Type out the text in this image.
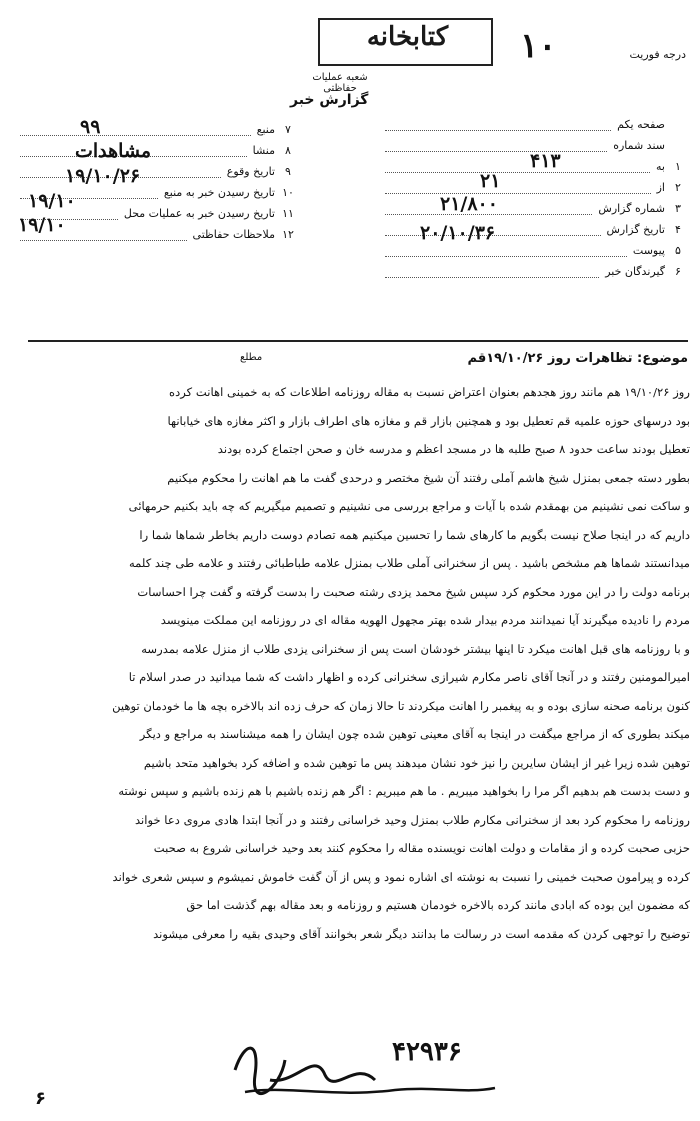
کتابخانه
شعبه عملیات حفاظتی
۱۰	درجه فوریت
گزارش خبر
صفحه یکم
سند شماره
۱
به
۲
از
۳
شماره گزارش
۴
تاریخ گزارش
۵
پیوست
۶
گیرندگان خبر
۷
منبع
۸
منشا
۹
تاریخ وقوع
۱۰
تاریخ رسیدن خبر به منبع
۱۱
تاریخ رسیدن خبر به عملیات محل
۱۲
ملاحظات حفاظتی
۹۹
مشاهدات
۱۹/۱۰/۲۶
۱۹/۱۰
۱۹/۱۰
۴۱۳
۲۱
۲۱/۸۰۰
۲۰/۱۰/۳۶
مطلع	موضوع: تظاهرات روز ۱۹/۱۰/۲۶قم
روز ۱۹/۱۰/۲۶ هم مانند روز هجدهم بعنوان اعتراض نسبت به مقاله روزنامه اطلاعات که به خمینی اهانت کرده
بود درسهای حوزه علمیه قم تعطیل بود و همچنین بازار قم و مغازه های اطراف بازار و اکثر مغازه های خیابانها
تعطیل بودند ساعت حدود ۸ صبح طلبه ها در مسجد اعظم و مدرسه خان و صحن اجتماع کرده بودند
بطور دسته جمعی بمنزل شیخ هاشم آملی رفتند آن شیخ مختصر و درحدی گفت ما هم اهانت را محکوم میکنیم
و ساکت نمی نشینیم من بهمقدم شده با آیات و مراجع بررسی می نشینیم و تصمیم میگیریم که چه باید بکنیم حرمهائی
داریم که در اینجا صلاح نیست بگویم ما کارهای شما را تحسین میکنیم همه تصادم دوست داریم بخاطر شماها شما را
میدانستند شماها هم مشخص باشید . پس از سخنرانی آملی طلاب بمنزل علامه طباطبائی رفتند و علامه طی چند کلمه
برنامه دولت را در این مورد محکوم کرد سپس شیخ محمد یزدی رشته صحبت را بدست گرفته و گفت چرا احساسات
مردم را نادیده میگیرند آیا نمیدانند مردم بیدار شده بهتر مجهول الهویه مقاله ای در روزنامه این مملکت مینویسد
و با روزنامه های قبل اهانت میکرد تا اینها بیشتر خودشان است پس از سخنرانی یزدی طلاب از منزل علامه بمدرسه
امیرالمومنین رفتند و در آنجا آقای ناصر مکارم شیرازی سخنرانی کرده و اظهار داشت که شما میدانید در صدر اسلام تا
کنون برنامه صحنه سازی بوده و به پیغمبر را اهانت میکردند تا حالا زمان که حرف زده اند بالاخره بچه ها ما خودمان توهین
میکند بطوری که از مراجع میگفت در اینجا به آقای معینی توهین شده چون ایشان را همه میشناسند به مراجع و دیگر
توهین شده زیرا غیر از ایشان سایرین را نیز خود نشان میدهند پس ما توهین شده و اضافه کرد بخواهید متحد باشیم
و دست بدست هم بدهیم اگر مرا را بخواهید میبریم . ما هم میبریم : اگر هم زنده باشیم با هم زنده باشیم و سپس نوشته
روزنامه را محکوم کرد بعد از سخنرانی مکارم طلاب بمنزل وحید خراسانی رفتند و در آنجا ابتدا هادی مروی دعا خواند
حزبی صحبت کرده و از مقامات و دولت اهانت نویسنده مقاله را محکوم کنند بعد وحید خراسانی شروع به صحبت
کرده و پیرامون صحبت خمینی را نسبت به نوشته ای اشاره نمود و پس از آن گفت خاموش نمیشوم و سپس شعری خواند
که مضمون این بوده که ابادی مانند کرده بالاخره خودمان هستیم و روزنامه و بعد مقاله بهم گذشت اما حق
توضیح را توجهی کردن که مقدمه است در رسالت ما بدانند دیگر شعر بخوانند آقای وحیدی بقیه را معرفی میشوند
۴۲۹۳۶
۶
